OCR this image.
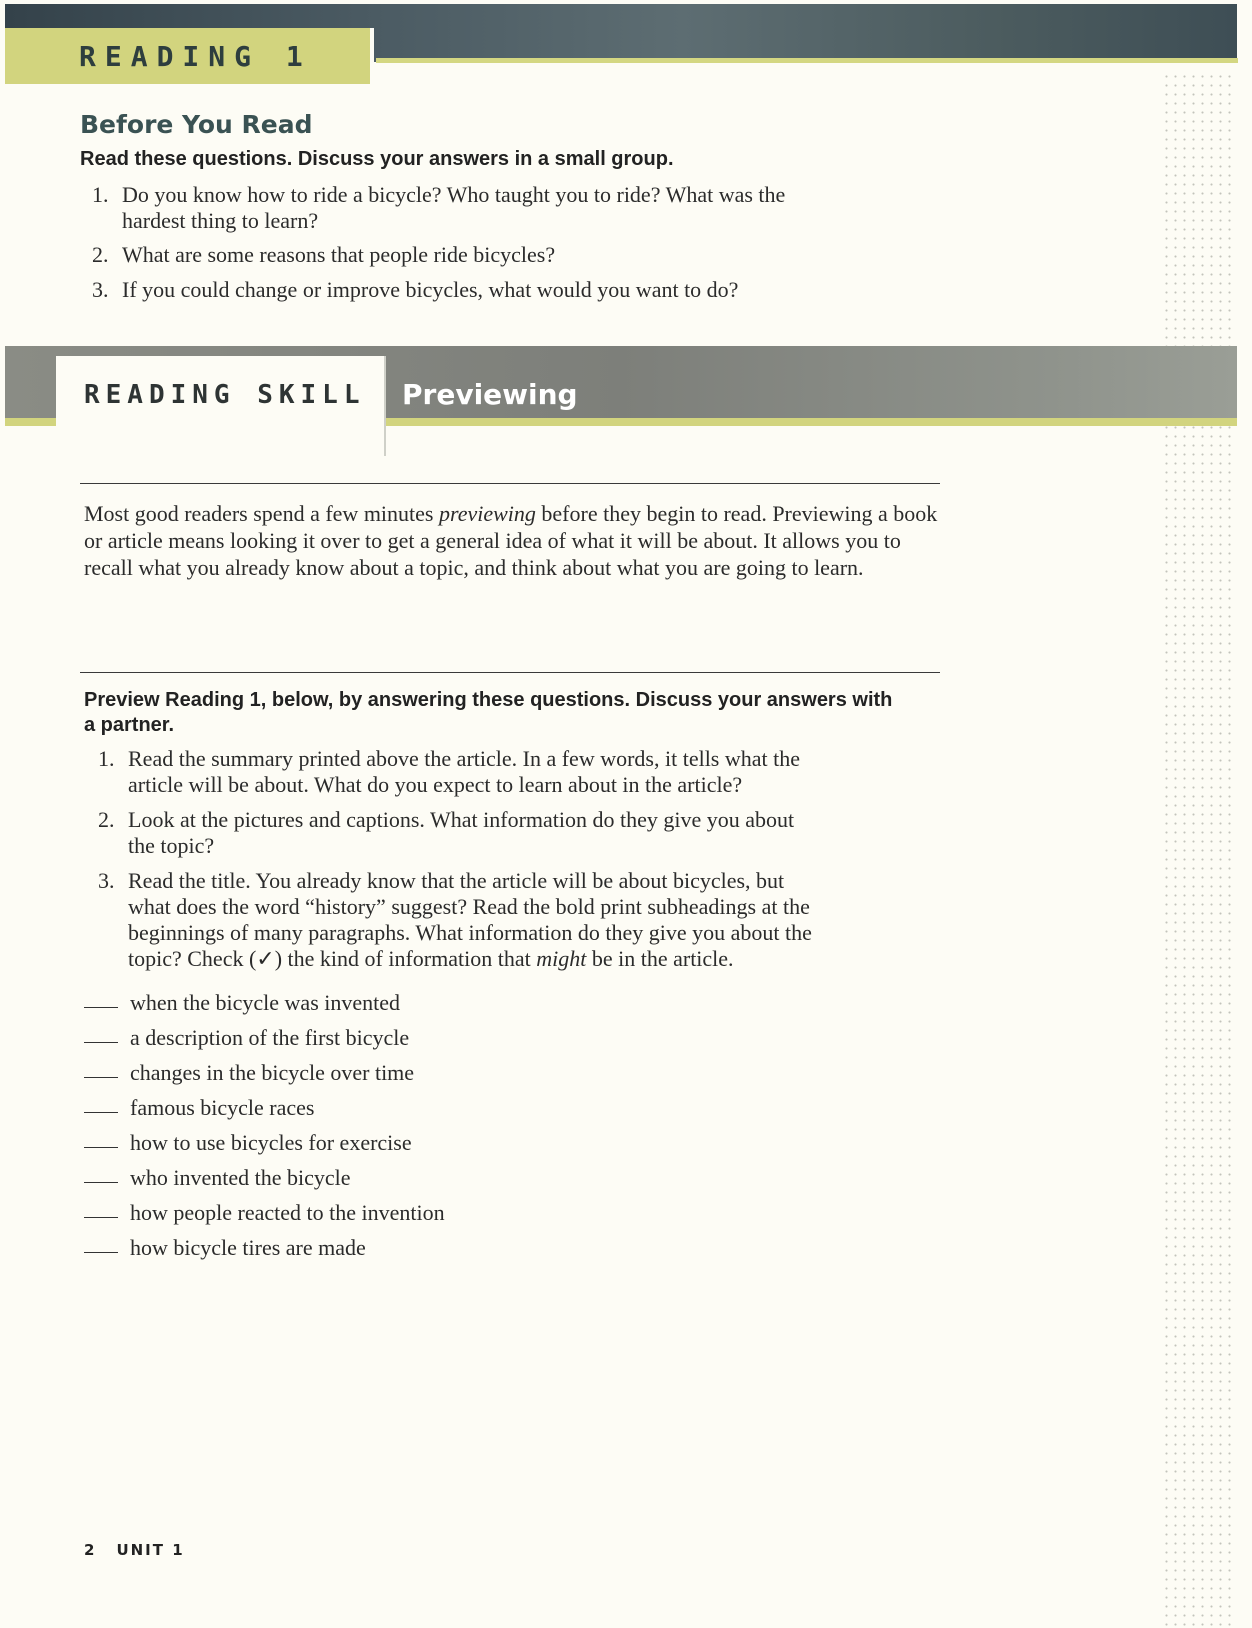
READING 1
Before You Read
Read these questions. Discuss your answers in a small group.
1. Do you know how to ride a bicycle? Who taught you to ride? What was the
hardest thing to learn?
2. What are some reasons that people ride bicycles?
3. If you could change or improve bicycles, what would you want to do?
READING SKILL Previewing

Most good readers spend a few minutes previewing before they begin to read. Previewing a book or article means looking it over to get a general idea of what it will be about. It allows you to recall what you already know about a topic, and think about what you are going to learn.

Preview Reading 1, below, by answering these questions. Discuss your answers with
a partner.
1. Read the summary printed above the article. In a few words, it tells what the
article will be about. What do you expect to learn about in the article?
2. Look at the pictures and captions. What information do they give you about
the topic?
3. Read the title. You already know that the article will be about bicycles, but
what does the word “history” suggest? Read the bold print subheadings at the
beginnings of many paragraphs. What information do they give you about the
topic? Check (✓) the kind of information that might be in the article.
when the bicycle was invented
a description of the first bicycle
changes in the bicycle over time
famous bicycle races
how to use bicycles for exercise
who invented the bicycle
how people reacted to the invention
how bicycle tires are made
2 UNIT 1
